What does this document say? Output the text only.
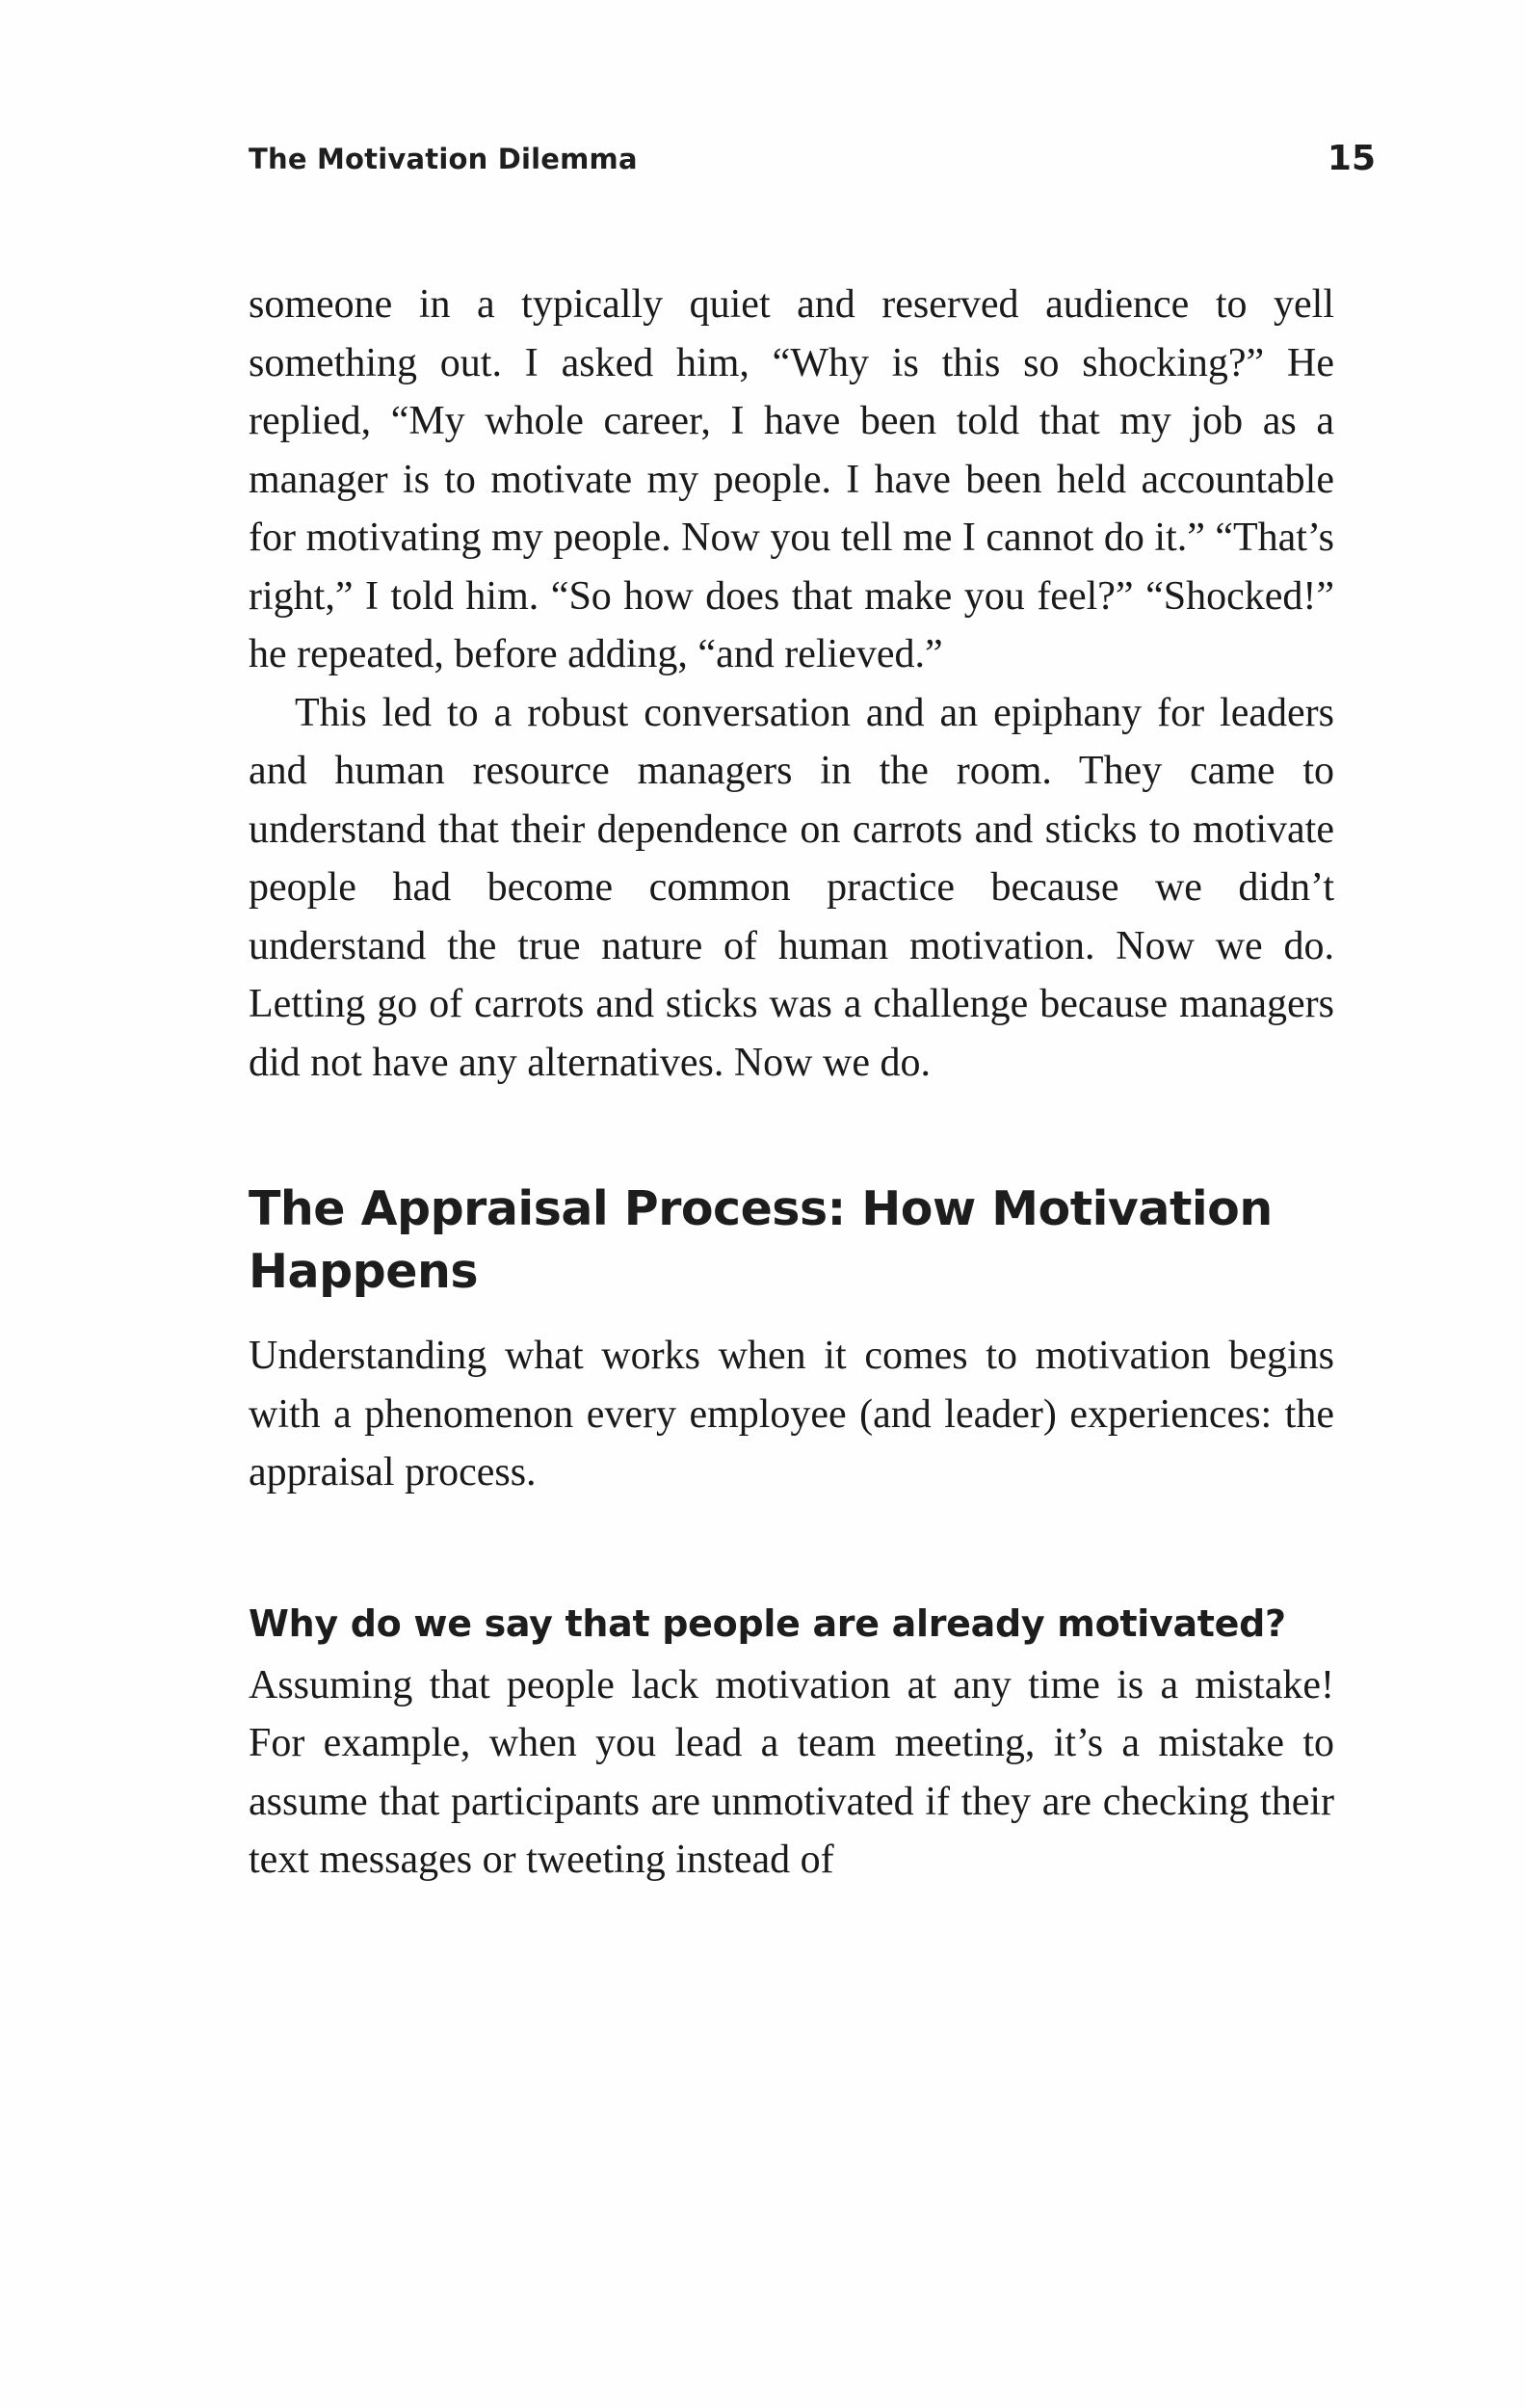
The Motivation Dilemma	15

someone in a typically quiet and reserved audience to yell something out. I asked him, “Why is this so shocking?” He replied, “My whole career, I have been told that my job as a manager is to motivate my people. I have been held accountable for motivating my people. Now you tell me I cannot do it.” “That’s right,” I told him. “So how does that make you feel?” “Shocked!” he repeated, before adding, “and relieved.”

This led to a robust conversation and an epiphany for leaders and human resource managers in the room. They came to understand that their dependence on carrots and sticks to motivate people had become common practice because we didn’t understand the true nature of human motivation. Now we do. Letting go of carrots and sticks was a challenge because managers did not have any alternatives. Now we do.

The Appraisal Process: How Motivation Happens

Understanding what works when it comes to motivation begins with a phenomenon every employee (and leader) experiences: the appraisal process.

Why do we say that people are already motivated?

Assuming that people lack motivation at any time is a mistake! For example, when you lead a team meeting, it’s a mistake to assume that participants are unmotivated if they are checking their text messages or tweeting instead of
